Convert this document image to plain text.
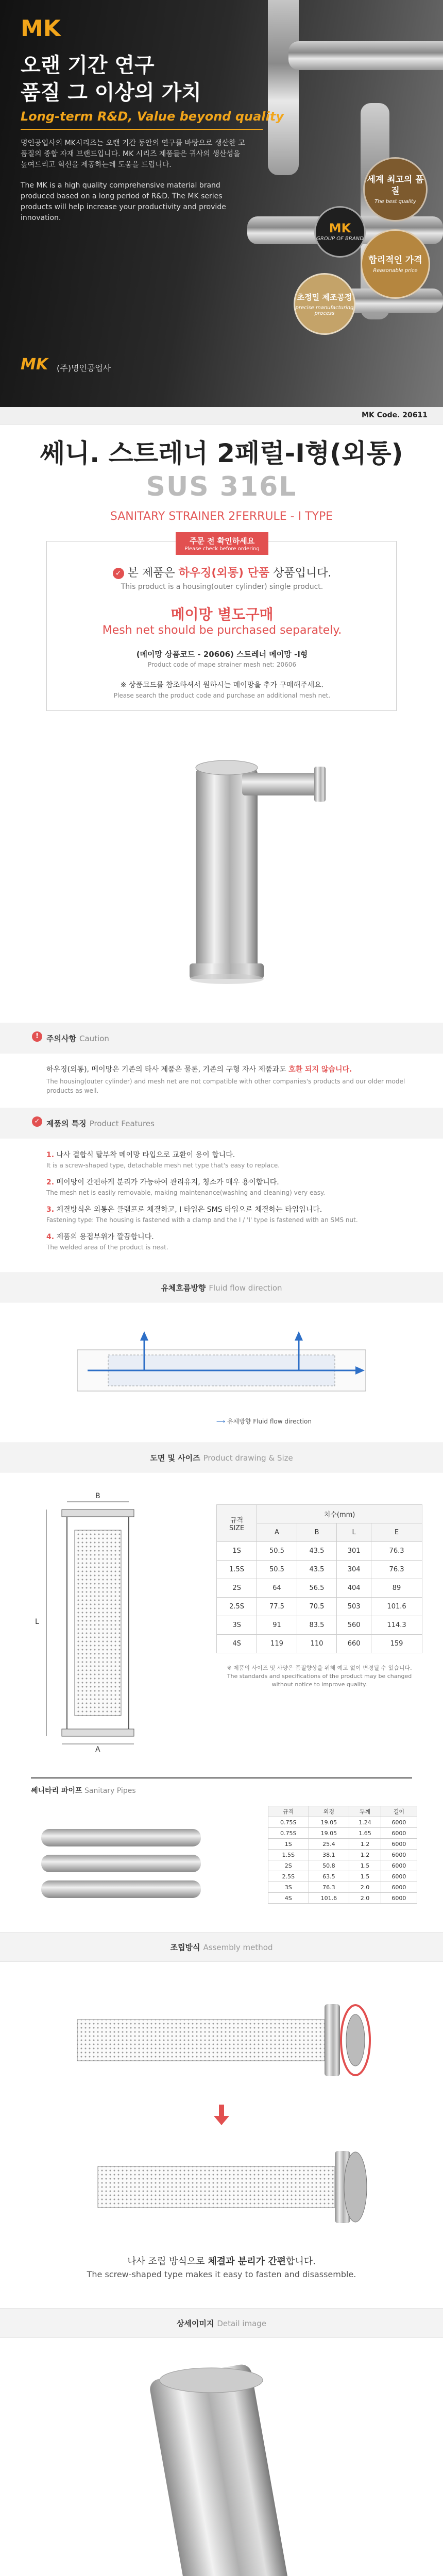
MK
오랜 기간 연구
품질 그 이상의 가치
Long-term R&D, Value beyond quality
명인공업사의 MK시리즈는 오랜 기간 동안의 연구를 바탕으로 생산한 고품질의 종합 자재 브랜드입니다. MK 시리즈 제품들은 귀사의 생산성을 높여드리고 혁신을 제공하는데 도움을 드립니다.
The MK is a high quality comprehensive material brand produced based on a long period of R&D. The MK series products will help increase your productivity and provide innovation.
세계 최고의 품질
The best quality
MK
GROUP OF BRAND
합리적인 가격
Reasonable price
초정밀 제조공정
precise manufacturing process
MK (주)명인공업사
MK Code. 20611
쎄니. 스트레너 2페럴-I형(외통)
SUS 316L
SANITARY STRAINER 2FERRULE - I TYPE
주문 전 확인하세요
Please check before ordering
✓ 본 제품은 하우징(외통) 단품 상품입니다.
This product is a housing(outer cylinder) single product.
메이망 별도구매
Mesh net should be purchased separately.
(메이망 상품코드 - 20606) 스트레너 메이망 -I형
Product code of mape strainer mesh net: 20606
※ 상품코드를 참조하셔서 원하시는 메이망을 추가 구매해주세요.
Please search the product code and purchase an additional mesh net.
!	주의사항 Caution
하우징(외통), 메이망은 기존의 타사 제품은 물론, 기존의 구형 자사 제품과도 호환 되지 않습니다.
The housing(outer cylinder) and mesh net are not compatible with other companies's products and our older model products as well.
✓ 제품의 특징 Product Features
1. 나사 결합식 탈부착 메이망 타입으로 교환이 용이 합니다.
It is a screw-shaped type, detachable mesh net type that's easy to replace.
2. 메이망이 간편하게 분리가 가능하여 관리유지, 청소가 매우 용이합니다.
The mesh net is easily removable, making maintenance(washing and cleaning) very easy.
3. 체결방식은 외통은 클램프로 체결하고, I 타입은 SMS 타입으로 체결하는 타입입니다.
Fastening type: The housing is fastened with a clamp and the I / 'I' type is fastened with an SMS nut.
4. 제품의 용접부위가 깔끔합니다.
The welded area of the product is neat.
유체흐름방향 Fluid flow direction
⟶ 유체방향 Fluid flow direction
도면 및 사이즈 Product drawing & Size
L
B
A
규격
SIZE	치수(mm)			
	A	B	L	E
1S	50.5	43.5	301	76.3
1.5S	50.5	43.5	304	76.3
2S	64	56.5	404	89
2.5S	77.5	70.5	503	101.6
3S	91	83.5	560	114.3
4S	119	110	660	159
※ 제품의 사이즈 및 사양은 품질향상을 위해 예고 없이 변경될 수 있습니다.
The standards and specifications of the product may be changed without notice to improve quality.
쎄니타리 파이프 Sanitary Pipes
규격	외경	두께	길이
0.75S	19.05	1.24	6000
0.75S	19.05	1.65	6000
1S	25.4	1.2	6000
1.5S	38.1	1.2	6000
2S	50.8	1.5	6000
2.5S	63.5	1.5	6000
3S	76.3	2.0	6000
4S	101.6	2.0	6000
조립방식 Assembly method
나사 조립 방식으로 체결과 분리가 간편합니다.
The screw-shaped type makes it easy to fasten and disassemble.
상세이미지 Detail image
